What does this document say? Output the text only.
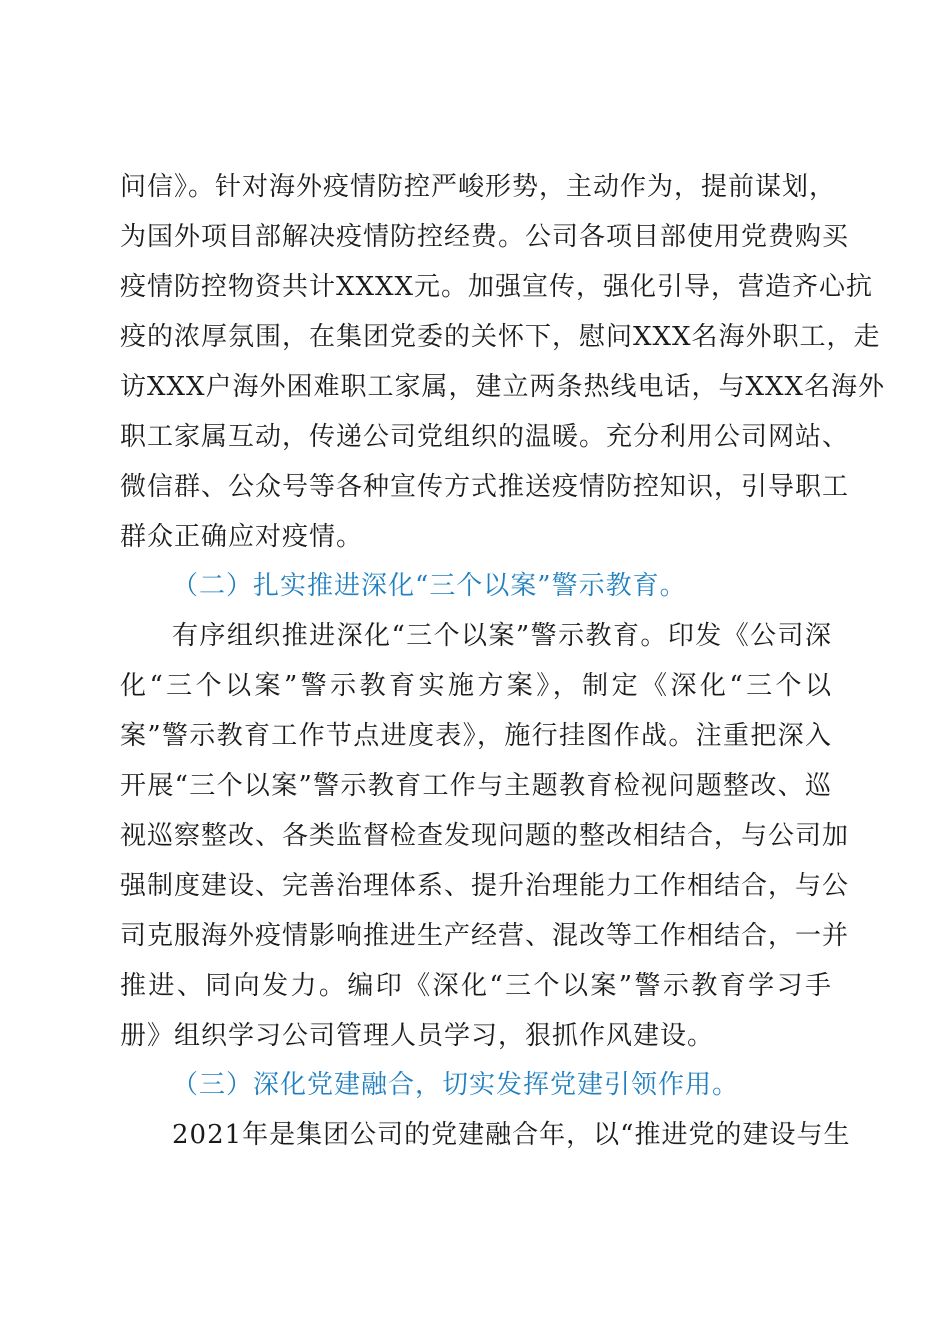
问信》。针对海外疫情防控严峻形势，主动作为，提前谋划，
为国外项目部解决疫情防控经费。公司各项目部使用党费购买
疫情防控物资共计XXXX元。加强宣传，强化引导，营造齐心抗
疫的浓厚氛围，在集团党委的关怀下，慰问XXX名海外职工，走
访XXX户海外困难职工家属，建立两条热线电话，与XXX名海外
职工家属互动，传递公司党组织的温暖。充分利用公司网站、
微信群、公众号等各种宣传方式推送疫情防控知识，引导职工
群众正确应对疫情。
（二）扎实推进深化“三个以案”警示教育。
有序组织推进深化“三个以案”警示教育。印发《公司深
化“三个以案”警示教育实施方案》，制定《深化“三个以
案”警示教育工作节点进度表》，施行挂图作战。注重把深入
开展“三个以案”警示教育工作与主题教育检视问题整改、巡
视巡察整改、各类监督检查发现问题的整改相结合，与公司加
强制度建设、完善治理体系、提升治理能力工作相结合，与公
司克服海外疫情影响推进生产经营、混改等工作相结合，一并
推进、同向发力。编印《深化“三个以案”警示教育学习手
册》组织学习公司管理人员学习，狠抓作风建设。
（三）深化党建融合，切实发挥党建引领作用。
2021年是集团公司的党建融合年，以“推进党的建设与生
